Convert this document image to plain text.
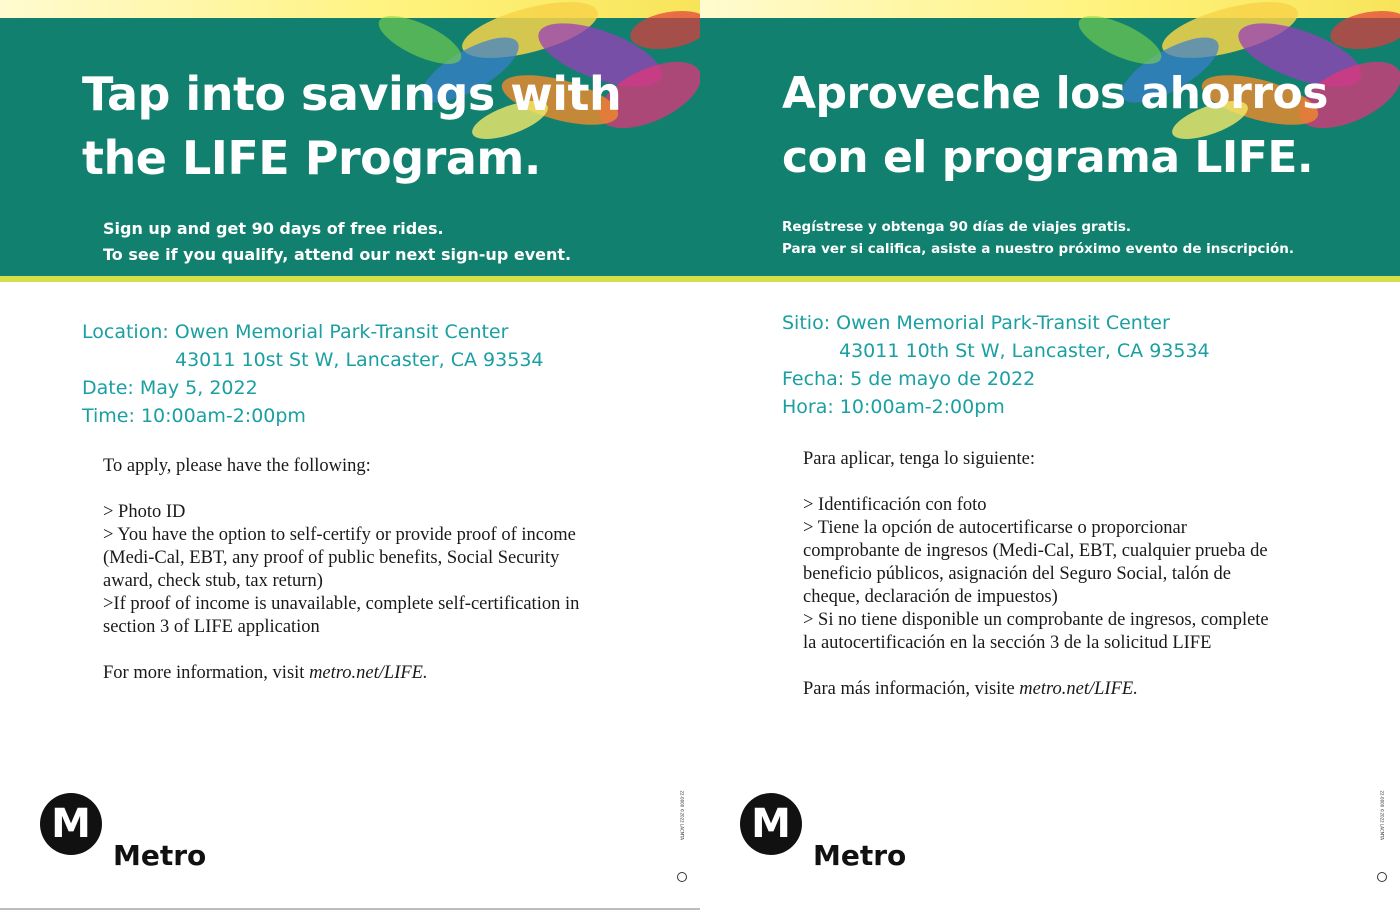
Tap into savings with
the LIFE Program.
Sign up and get 90 days of free rides.
To see if you qualify, attend our next sign-up event.
Location: Owen Memorial Park-Transit Center
43011 10st St W, Lancaster, CA 93534
Date: May 5, 2022
Time: 10:00am-2:00pm

To apply, please have the following:

> Photo ID

> You have the option to self-certify or provide proof of income (Medi-Cal, EBT, any proof of public benefits, Social Security award, check stub, tax return)

>If proof of income is unavailable, complete self-certification in section 3 of LIFE application

For more information, visit metro.net/LIFE.

M
Metro
22-0000 ©2022 LACMTA
Aproveche los ahorros
con el programa LIFE.
Regístrese y obtenga 90 días de viajes gratis.
Para ver si califica, asiste a nuestro próximo evento de inscripción.
Sitio: Owen Memorial Park-Transit Center
43011 10th St W, Lancaster, CA 93534
Fecha: 5 de mayo de 2022
Hora: 10:00am-2:00pm

Para aplicar, tenga lo siguiente:

> Identificación con foto

> Tiene la opción de autocertificarse o proporcionar comprobante de ingresos (Medi-Cal, EBT, cualquier prueba de beneficio públicos, asignación del Seguro Social, talón de cheque, declaración de impuestos)

> Si no tiene disponible un comprobante de ingresos, complete la autocertificación en la sección 3 de la solicitud LIFE

Para más información, visite metro.net/LIFE.

M
Metro
22-0000 ©2022 LACMTA
